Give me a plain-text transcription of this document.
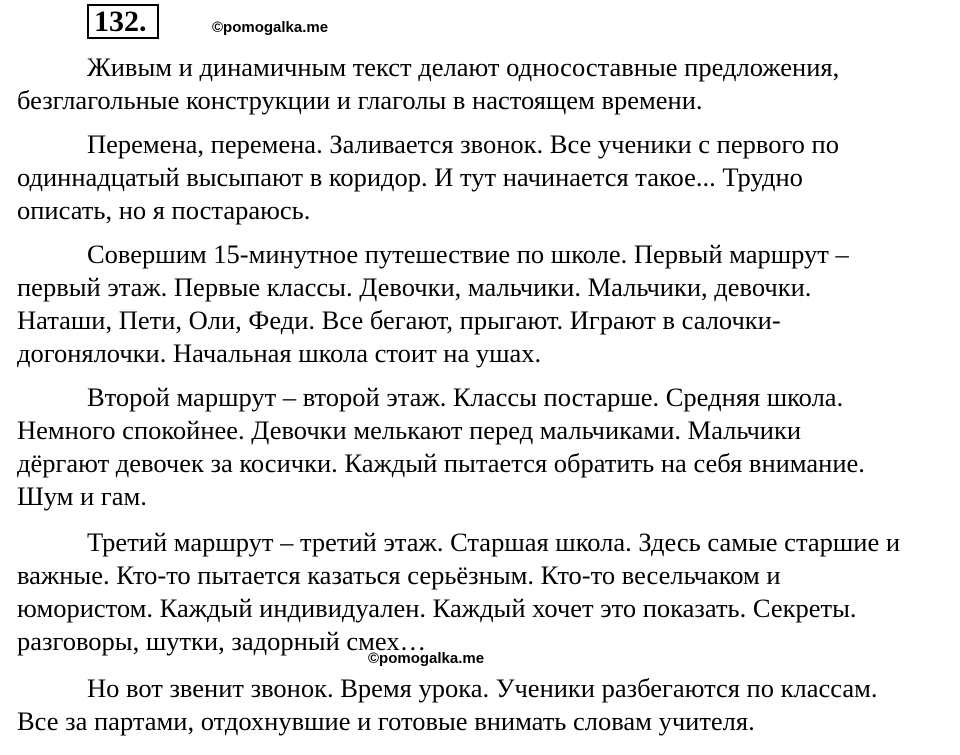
132.	©pomogalka.me
Живым и динамичным текст делают односоставные предложения,
безглагольные конструкции и глаголы в настоящем времени.
Перемена, перемена. Заливается звонок. Все ученики с первого по
одиннадцатый высыпают в коридор. И тут начинается такое... Трудно
описать, но я постараюсь.
Совершим 15-минутное путешествие по школе. Первый маршрут –
первый этаж. Первые классы. Девочки, мальчики. Мальчики, девочки.
Наташи, Пети, Оли, Феди. Все бегают, прыгают. Играют в салочки-
догонялочки. Начальная школа стоит на ушах.
Второй маршрут – второй этаж. Классы постарше. Средняя школа.
Немного спокойнее. Девочки мелькают перед мальчиками. Мальчики
дёргают девочек за косички. Каждый пытается обратить на себя внимание.
Шум и гам.
Третий маршрут – третий этаж. Старшая школа. Здесь самые старшие и
важные. Кто-то пытается казаться серьёзным. Кто-то весельчаком и
юмористом. Каждый индивидуален. Каждый хочет это показать. Секреты.
разговоры, шутки, задорный смех…
©pomogalka.me
Но вот звенит звонок. Время урока. Ученики разбегаются по классам.
Все за партами, отдохнувшие и готовые внимать словам учителя.
